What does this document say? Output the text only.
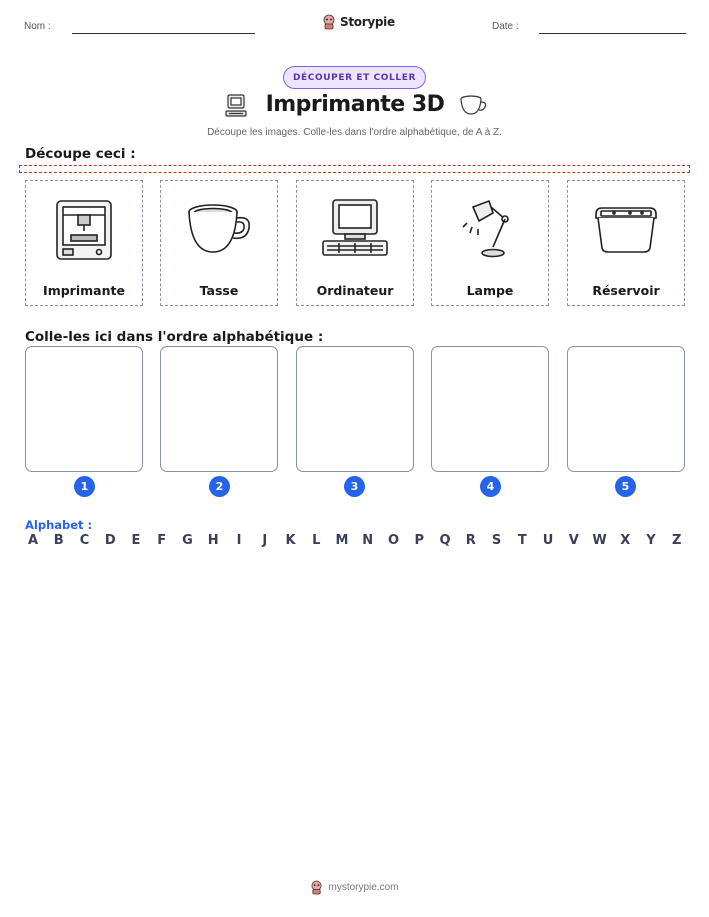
Nom :	Storypie	Date :
DÉCOUPER ET COLLER
Imprimante 3D
Découpe les images. Colle-les dans l'ordre alphabétique, de A à Z.
Découpe ceci :
Imprimante	Tasse	Ordinateur	Lampe	Réservoir
Colle-les ici dans l'ordre alphabétique :
1	2	3	4	5
Alphabet :
A B C D E F G H	I	J	K L M N O P Q R S T U V W X Y Z
mystorypie.com
